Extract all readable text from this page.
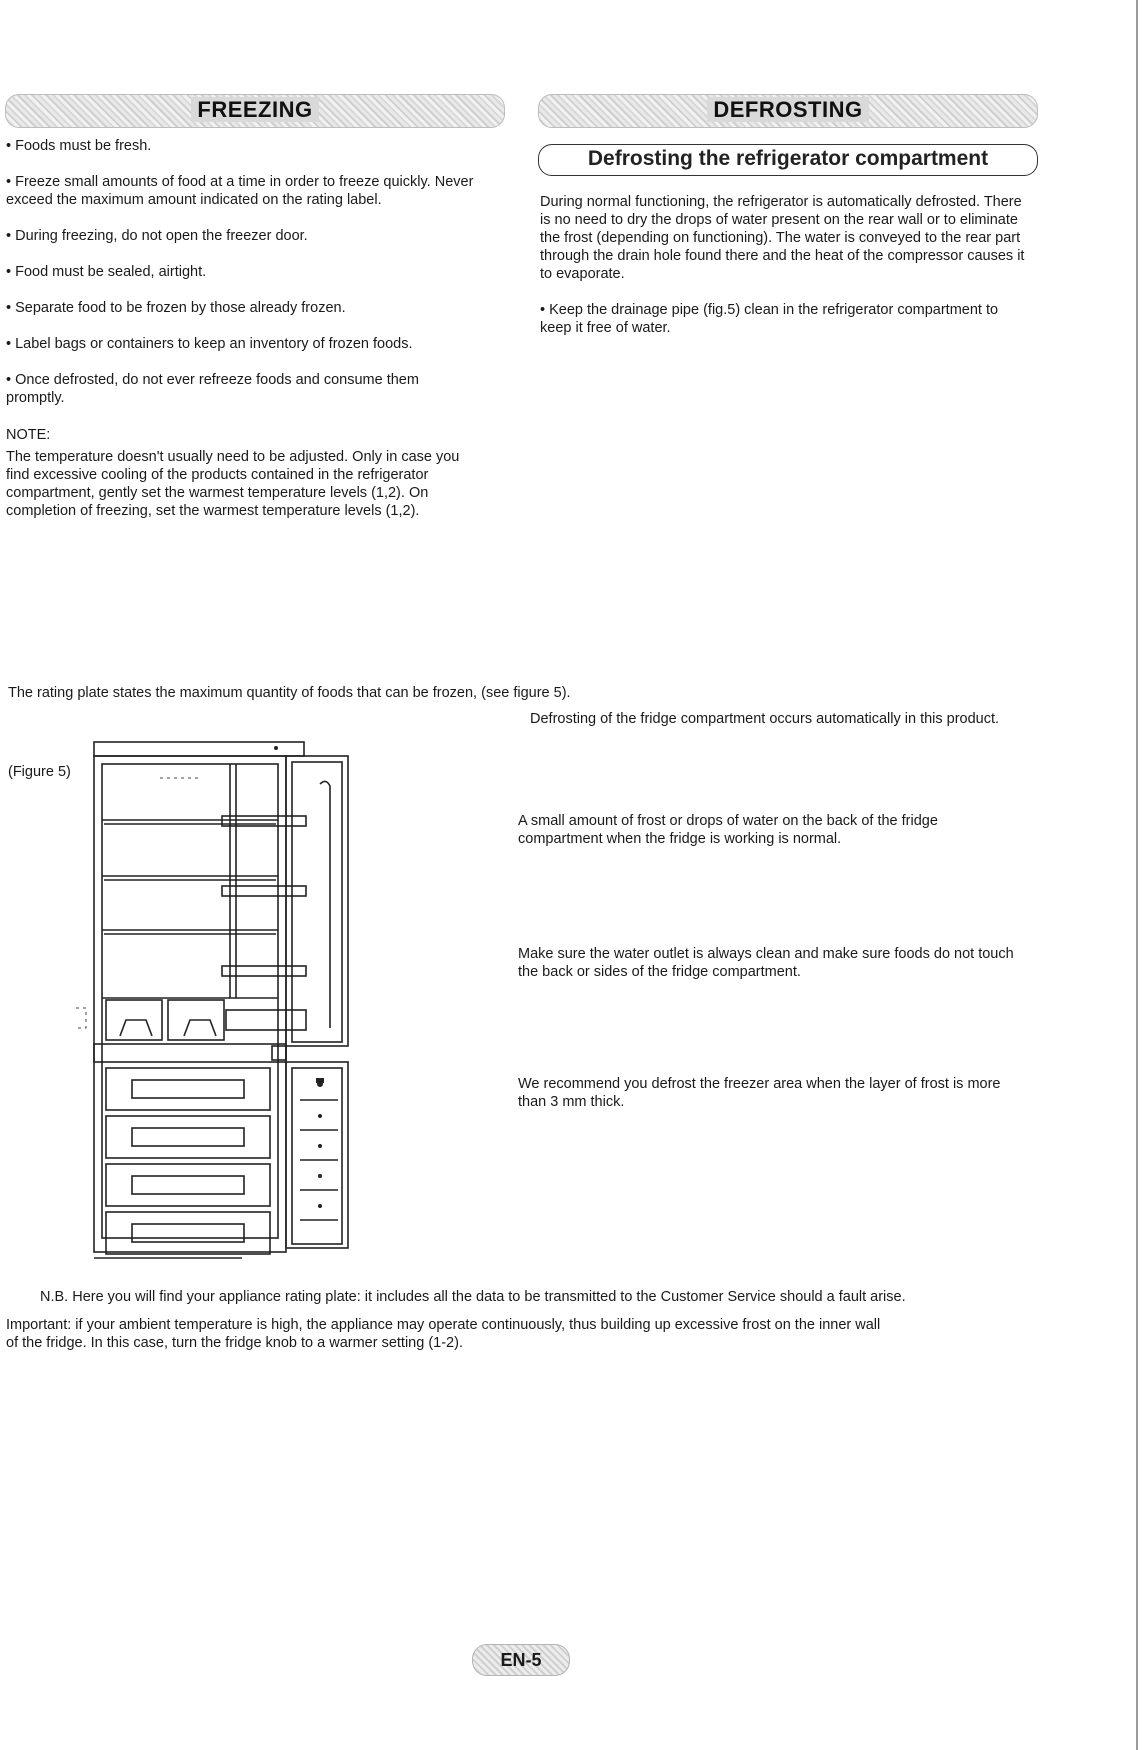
FREEZING	DEFROSTING

• Foods must be fresh.

• Freeze small amounts of food at a time in order to freeze quickly. Never exceed the maximum amount indicated on the rating label.

• During freezing, do not open the freezer door.

• Food must be sealed, airtight.

• Separate food to be frozen by those already frozen.

• Label bags or containers to keep an inventory of frozen foods.

• Once defrosted, do not ever refreeze foods and consume them promptly.

NOTE:
The temperature doesn't usually need to be adjusted. Only in case you find excessive cooling of the products contained in the refrigerator compartment, gently set the warmest temperature levels (1,2). On completion of freezing, set the warmest temperature levels (1,2).
Defrosting the refrigerator compartment

During normal functioning, the refrigerator is automatically defrosted. There is no need to dry the drops of water present on the rear wall or to eliminate the frost (depending on functioning). The water is conveyed to the rear part through the drain hole found there and the heat of the compressor causes it to evaporate.

• Keep the drainage pipe (fig.5) clean in the refrigerator compartment to keep it free of water.

The rating plate states the maximum quantity of foods that can be frozen, (see figure 5).
(Figure 5)
Defrosting of the fridge compartment occurs automatically in this product.
A small amount of frost or drops of water on the back of the fridge compartment when the fridge is working is normal.
Make sure the water outlet is always clean and make sure foods do not touch the back or sides of the fridge compartment.
We recommend you defrost the freezer area when the layer of frost is more than 3 mm thick.
N.B. Here you will find your appliance rating plate: it includes all the data to be transmitted to the Customer Service should a fault arise.
Important: if your ambient temperature is high, the appliance may operate continuously, thus building up excessive frost on the inner wall of the fridge. In this case, turn the fridge knob to a warmer setting (1-2).
EN-5
